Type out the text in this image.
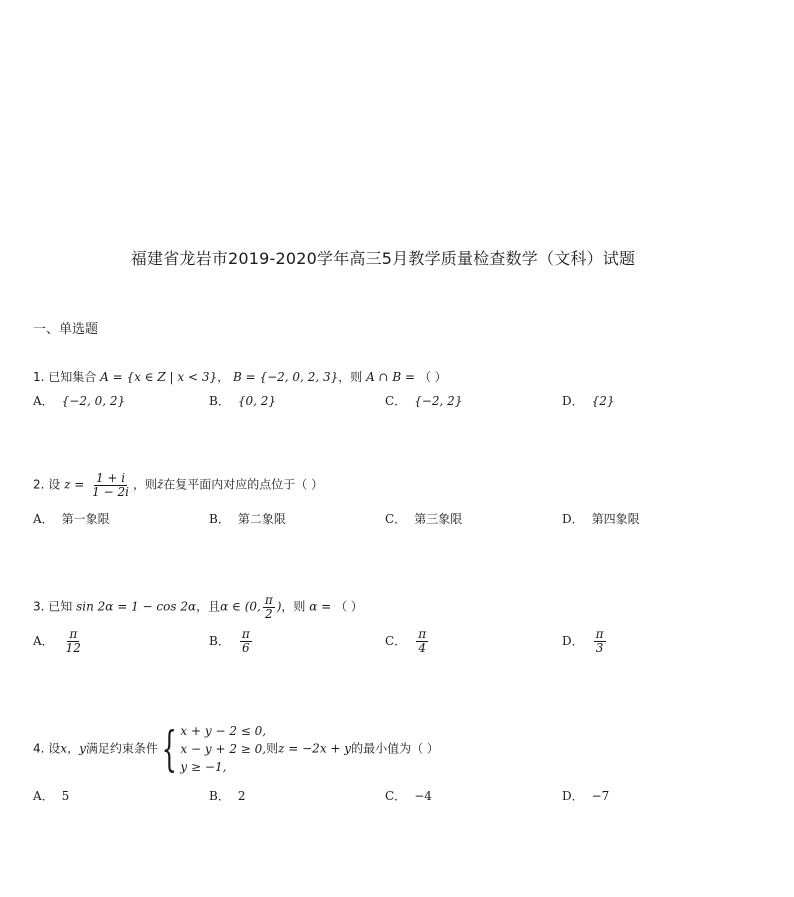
福建省龙岩市2019-2020学年高三5月教学质量检查数学（文科）试题
一、单选题
1. 已知集合 A = {x ∈ Z | x < 3}， B = {−2, 0, 2, 3}，则 A ∩ B = （ ）
A． {−2, 0, 2}	B． {0, 2}	C． {−2, 2}	D． {2}
2. 设 $z = \frac{1 + i}{1 - 2i}$ ，则z̄在复平面内对应的点位于（ ）
A． 第一象限	B． 第二象限	C． 第三象限	D． 第四象限
3. 已知 sin 2α = 1 − cos 2α，且α ∈ (0, $\frac{\pi}{2}$ )，则 α = （ ）
A． $\frac{\pi}{12}$	B． $\frac{\pi}{6}$	C． $\frac{\pi}{4}$	D． $\frac{\pi}{3}$
4. 设x，y满足约束条件{ x + y − 2 ≤ 0,
x − y + 2 ≥ 0,
y ≥ −1,
则z = −2x + y的最小值为（ ）
A． 5	B． 2	C． −4	D． −7
